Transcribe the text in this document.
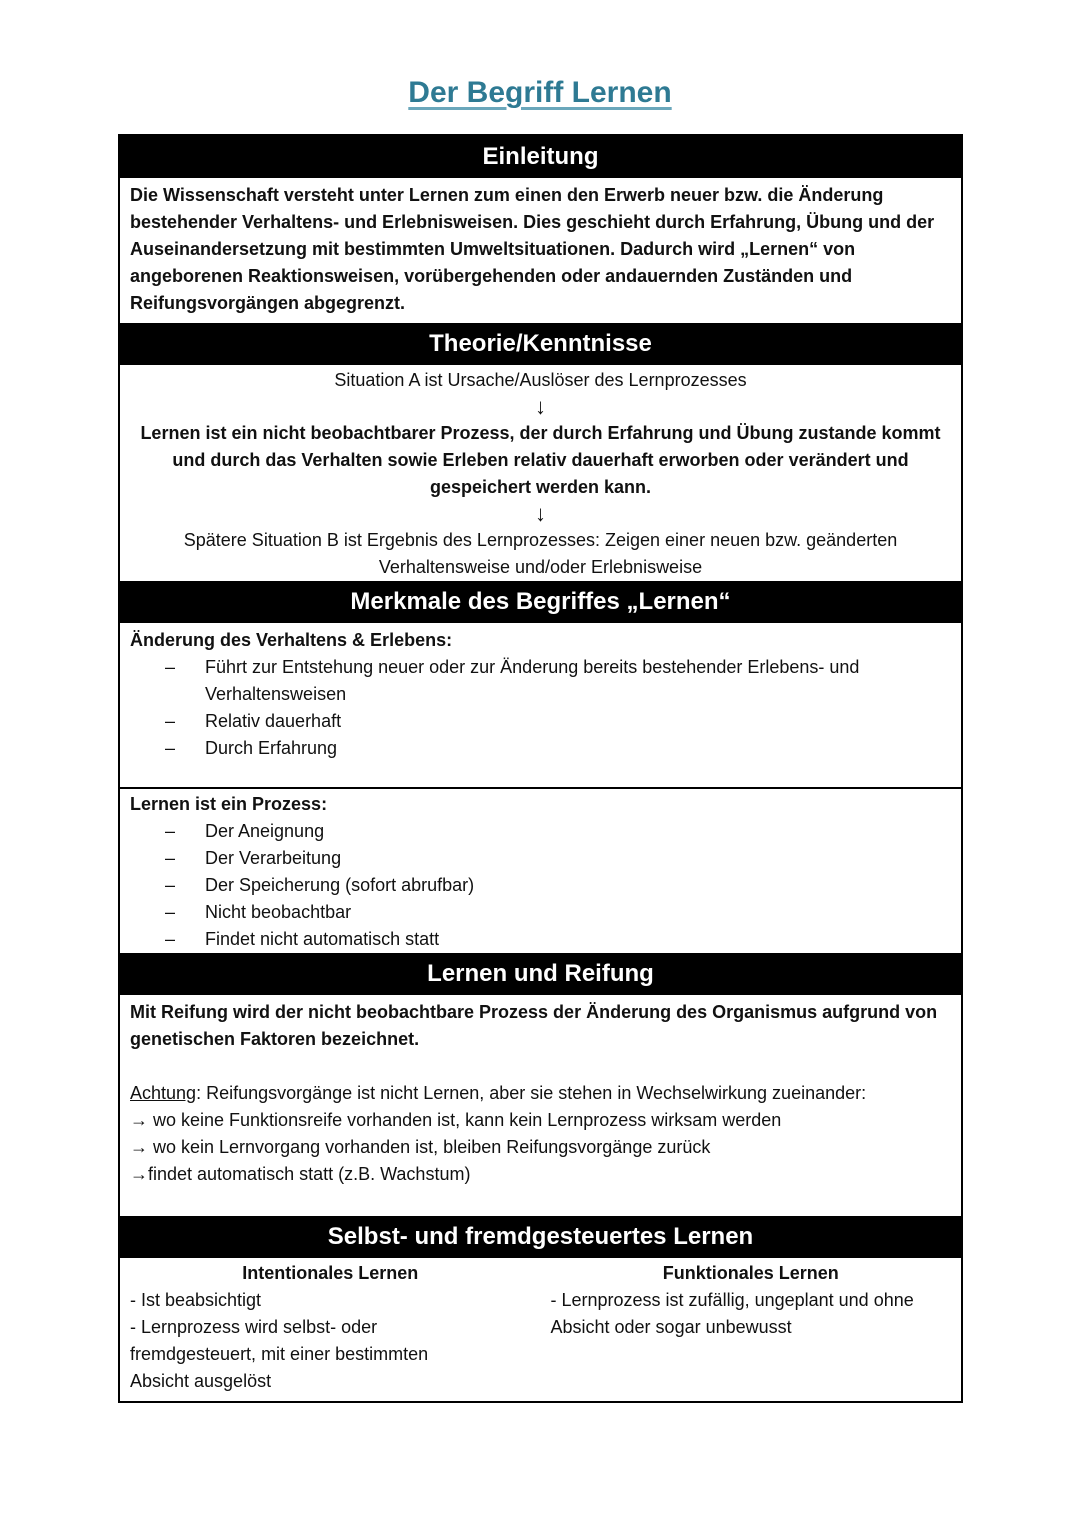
Der Begriff Lernen
Einleitung
Die Wissenschaft versteht unter Lernen zum einen den Erwerb neuer bzw. die Änderung bestehender Verhaltens- und Erlebnisweisen. Dies geschieht durch Erfahrung, Übung und der Auseinandersetzung mit bestimmten Umweltsituationen. Dadurch wird „Lernen“ von angeborenen Reaktionsweisen, vorübergehenden oder andauernden Zuständen und Reifungsvorgängen abgegrenzt.
Theorie/Kenntnisse
Situation A ist Ursache/Auslöser des Lernprozesses
↓
Lernen ist ein nicht beobachtbarer Prozess, der durch Erfahrung und Übung zustande kommt und durch das Verhalten sowie Erleben relativ dauerhaft erworben oder verändert und gespeichert werden kann.
↓
Spätere Situation B ist Ergebnis des Lernprozesses: Zeigen einer neuen bzw. geänderten Verhaltensweise und/oder Erlebnisweise
Merkmale des Begriffes „Lernen“
Änderung des Verhaltens & Erlebens:
– Führt zur Entstehung neuer oder zur Änderung bereits bestehender Erlebens- und Verhaltensweisen
– Relativ dauerhaft
– Durch Erfahrung
Lernen ist ein Prozess:
– Der Aneignung
– Der Verarbeitung
– Der Speicherung (sofort abrufbar)
– Nicht beobachtbar
– Findet nicht automatisch statt
Lernen und Reifung
Mit Reifung wird der nicht beobachtbare Prozess der Änderung des Organismus aufgrund von genetischen Faktoren bezeichnet.
Achtung: Reifungsvorgänge ist nicht Lernen, aber sie stehen in Wechselwirkung zueinander:
→ wo keine Funktionsreife vorhanden ist, kann kein Lernprozess wirksam werden
→ wo kein Lernvorgang vorhanden ist, bleiben Reifungsvorgänge zurück
→findet automatisch statt (z.B. Wachstum)
Selbst- und fremdgesteuertes Lernen
Intentionales Lernen
- Ist beabsichtigt
- Lernprozess wird selbst- oder fremdgesteuert, mit einer bestimmten Absicht ausgelöst
Funktionales Lernen
- Lernprozess ist zufällig, ungeplant und ohne Absicht oder sogar unbewusst
